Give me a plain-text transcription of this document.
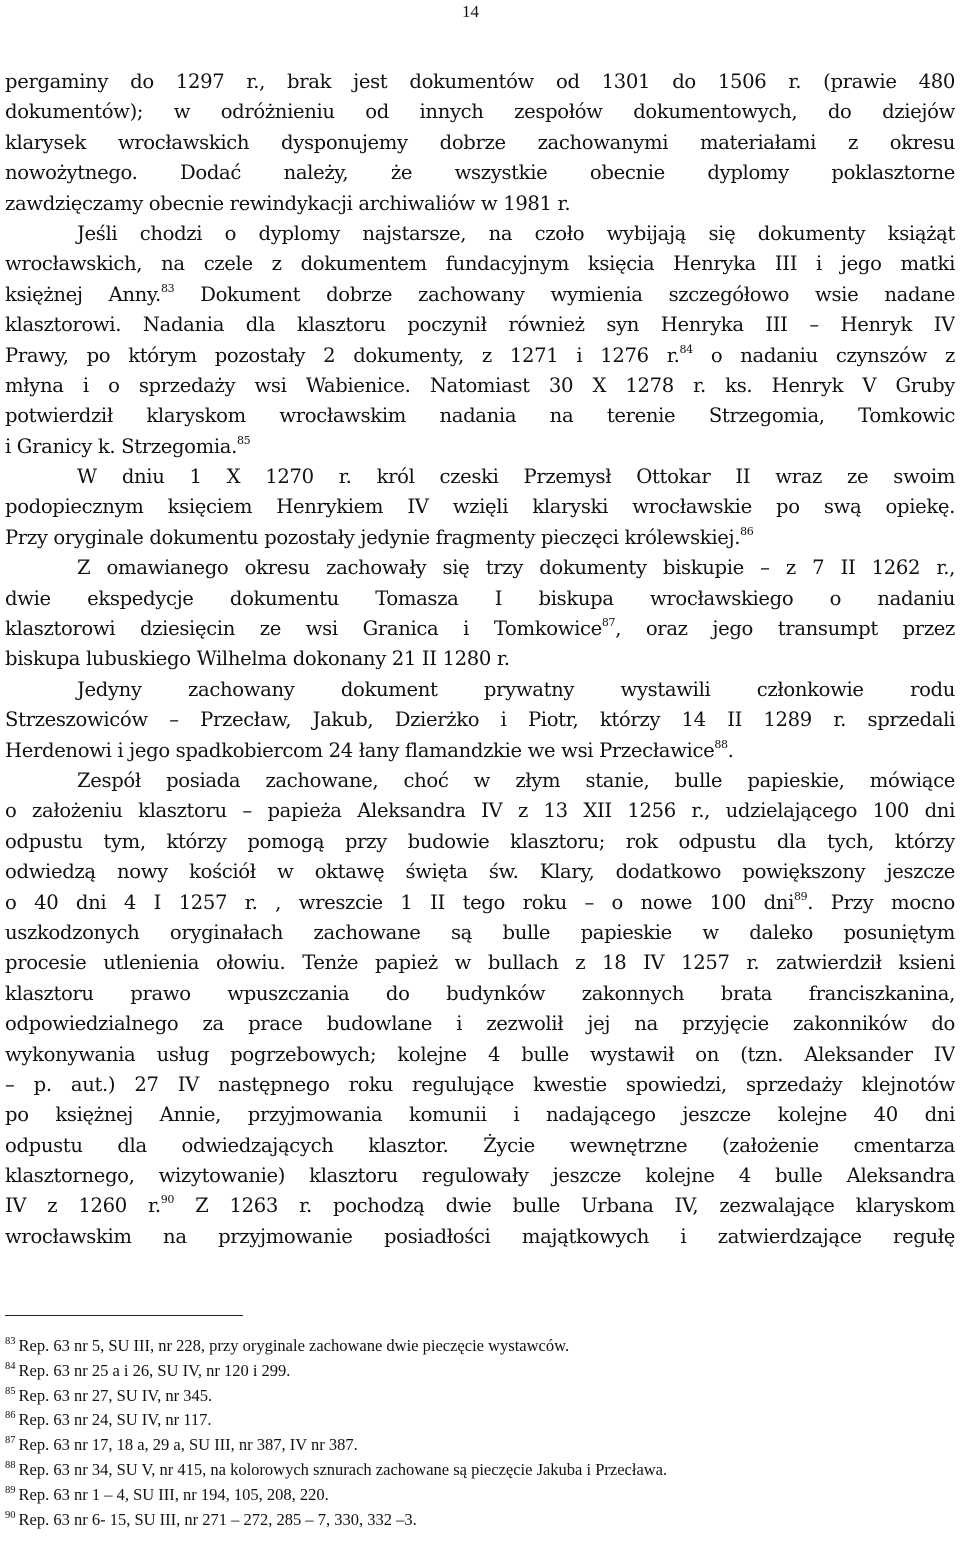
14
pergaminy do 1297 r., brak jest dokumentów od 1301 do 1506 r. (prawie 480
dokumentów); w odróżnieniu od innych zespołów dokumentowych, do dziejów
klarysek wrocławskich dysponujemy dobrze zachowanymi materiałami z okresu
nowożytnego. Dodać należy, że wszystkie obecnie dyplomy poklasztorne
zawdzięczamy obecnie rewindykacji archiwaliów w 1981 r.
Jeśli chodzi o dyplomy najstarsze, na czoło wybijają się dokumenty książąt
wrocławskich, na czele z dokumentem fundacyjnym księcia Henryka III i jego matki
księżnej Anny.$^{83}$ Dokument dobrze zachowany wymienia szczegółowo wsie nadane
klasztorowi. Nadania dla klasztoru poczynił również syn Henryka III – Henryk IV
Prawy, po którym pozostały 2 dokumenty, z 1271 i 1276 r.$^{84}$ o nadaniu czynszów z
młyna i o sprzedaży wsi Wabienice. Natomiast 30 X 1278 r. ks. Henryk V Gruby
potwierdził klaryskom wrocławskim nadania na terenie Strzegomia, Tomkowic
i Granicy k. Strzegomia.$^{85}$
W dniu 1 X 1270 r. król czeski Przemysł Ottokar II wraz ze swoim
podopiecznym księciem Henrykiem IV wzięli klaryski wrocławskie po swą opiekę.
Przy oryginale dokumentu pozostały jedynie fragmenty pieczęci królewskiej.$^{86}$
Z omawianego okresu zachowały się trzy dokumenty biskupie – z 7 II 1262 r.,
dwie ekspedycje dokumentu Tomasza I biskupa wrocławskiego o nadaniu
klasztorowi dziesięcin ze wsi Granica i Tomkowice$^{87}$, oraz jego transumpt przez
biskupa lubuskiego Wilhelma dokonany 21 II 1280 r.
Jedyny zachowany dokument prywatny wystawili członkowie rodu
Strzeszowiców – Przecław, Jakub, Dzierżko i Piotr, którzy 14 II 1289 r. sprzedali
Herdenowi i jego spadkobiercom 24 łany flamandzkie we wsi Przecławice$^{88}$.
Zespół posiada zachowane, choć w złym stanie, bulle papieskie, mówiące
o założeniu klasztoru – papieża Aleksandra IV z 13 XII 1256 r., udzielającego 100 dni
odpustu tym, którzy pomogą przy budowie klasztoru; rok odpustu dla tych, którzy
odwiedzą nowy kościół w oktawę święta św. Klary, dodatkowo powiększony jeszcze
o 40 dni 4 I 1257 r. , wreszcie 1 II tego roku – o nowe 100 dni$^{89}$. Przy mocno
uszkodzonych oryginałach zachowane są bulle papieskie w daleko posuniętym
procesie utlenienia ołowiu. Tenże papież w bullach z 18 IV 1257 r. zatwierdził ksieni
klasztoru prawo wpuszczania do budynków zakonnych brata franciszkanina,
odpowiedzialnego za prace budowlane i zezwolił jej na przyjęcie zakonników do
wykonywania usług pogrzebowych; kolejne 4 bulle wystawił on (tzn. Aleksander IV
– p. aut.) 27 IV następnego roku regulujące kwestie spowiedzi, sprzedaży klejnotów
po księżnej Annie, przyjmowania komunii i nadającego jeszcze kolejne 40 dni
odpustu dla odwiedzających klasztor. Życie wewnętrzne (założenie cmentarza
klasztornego, wizytowanie) klasztoru regulowały jeszcze kolejne 4 bulle Aleksandra
IV z 1260 r.$^{90}$ Z 1263 r. pochodzą dwie bulle Urbana IV, zezwalające klaryskom
wrocławskim na przyjmowanie posiadłości majątkowych i zatwierdzające regułę
$^{83}$ Rep. 63 nr 5, SU III, nr 228, przy oryginale zachowane dwie pieczęcie wystawców.
$^{84}$ Rep. 63 nr 25 a i 26, SU IV, nr 120 i 299.
$^{85}$ Rep. 63 nr 27, SU IV, nr 345.
$^{86}$ Rep. 63 nr 24, SU IV, nr 117.
$^{87}$ Rep. 63 nr 17, 18 a, 29 a, SU III, nr 387, IV nr 387.
$^{88}$ Rep. 63 nr 34, SU V, nr 415, na kolorowych sznurach zachowane są pieczęcie Jakuba i Przecława.
$^{89}$ Rep. 63 nr 1 – 4, SU III, nr 194, 105, 208, 220.
$^{90}$ Rep. 63 nr 6- 15, SU III, nr 271 – 272, 285 – 7, 330, 332 –3.
